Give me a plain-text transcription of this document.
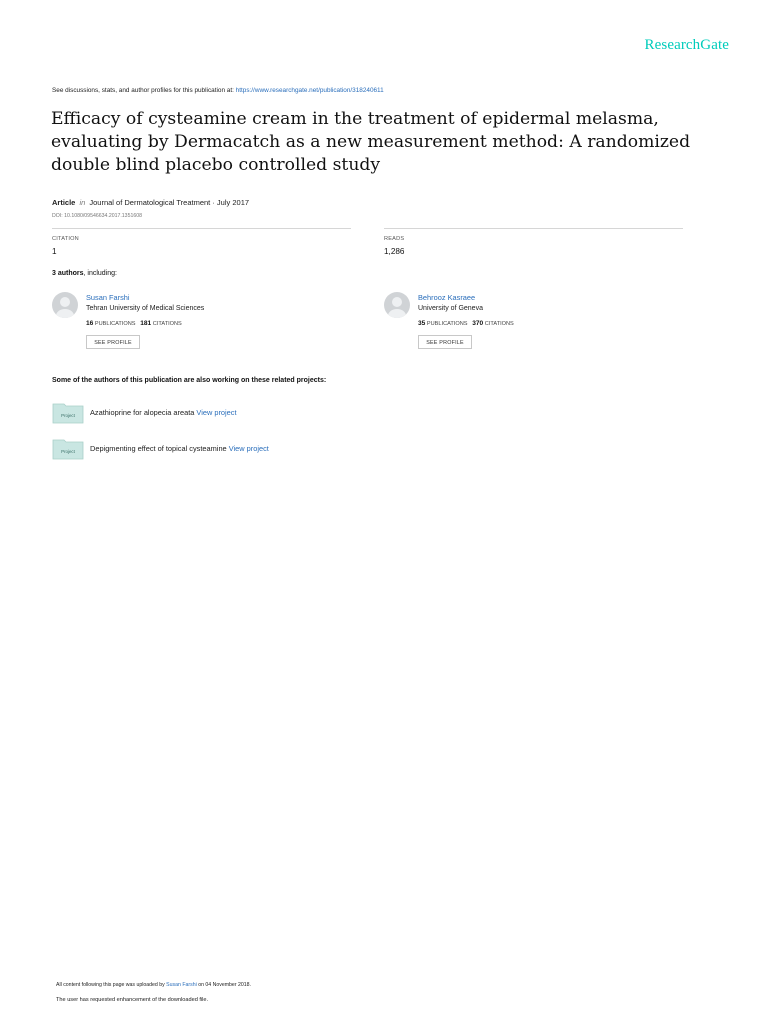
ResearchGate
See discussions, stats, and author profiles for this publication at: https://www.researchgate.net/publication/318240611
Efficacy of cysteamine cream in the treatment of epidermal melasma, evaluating by Dermacatch as a new measurement method: A randomized double blind placebo controlled study
Article in Journal of Dermatological Treatment · July 2017
DOI: 10.1080/09546634.2017.1351608
CITATION
1
READS
1,286
3 authors, including:
Susan Farshi
Tehran University of Medical Sciences
16 PUBLICATIONS 181 CITATIONS
SEE PROFILE
Behrooz Kasraee
University of Geneva
35 PUBLICATIONS 370 CITATIONS
SEE PROFILE
Some of the authors of this publication are also working on these related projects:
Project Azathioprine for alopecia areata View project
Project Depigmenting effect of topical cysteamine View project
All content following this page was uploaded by Susan Farshi on 04 November 2018.
The user has requested enhancement of the downloaded file.
